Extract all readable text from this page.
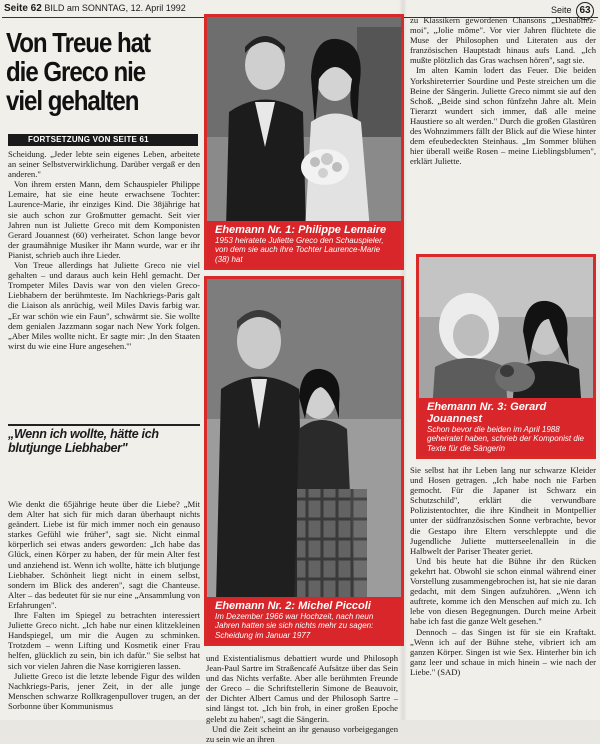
Seite 62 BILD am SONNTAG, 12. April 1992	Seite 63
Von Treue hat die Greco nie viel gehalten
FORTSETZUNG VON SEITE 61

Scheidung. „Jeder lebte sein eigenes Leben, arbeitete an seiner Selbstverwirklichung. Darüber vergaß er den anderen."

Von ihrem ersten Mann, dem Schauspieler Philippe Lemaire, hat sie eine heute erwachsene Tochter: Laurence-Marie, ihr einziges Kind. Die 38jährige hat sie auch schon zur Großmutter gemacht. Seit vier Jahren nun ist Juliette Greco mit dem Komponisten Gerard Jouannest (60) verheiratet. Schon lange bevor der graumähnige Musiker ihr Mann wurde, war er ihr Pianist, schrieb auch ihre Lieder.

Von Treue allerdings hat Juliette Greco nie viel gehalten – und daraus auch kein Hehl gemacht. Der Trompeter Miles Davis war von den vielen Greco-Liebhabern der berühmteste. Im Nachkriegs-Paris galt die Liaison als anrüchig, weil Miles Davis farbig war. „Er war schön wie ein Faun", schwärmt sie. Sie wollte dem genialen Jazzmann sogar nach New York folgen. „Aber Miles wollte nicht. Er sagte mir: ,In den Staaten wirst du wie eine Hure angesehen.'"

„Wenn ich wollte, hätte ich blutjunge Liebhaber"

Wie denkt die 65jährige heute über die Liebe? „Mit dem Alter hat sich für mich daran überhaupt nichts geändert. Liebe ist für mich immer noch ein genauso starkes Gefühl wie früher", sagt sie. Nicht einmal körperlich sei etwas anders geworden: „Ich habe das Glück, einen Körper zu haben, der für mein Alter fest und anziehend ist. Wenn ich wollte, hätte ich blutjunge Liebhaber. Schönheit liegt nicht in einem selbst, sondern im Blick des anderen", sagt die Chanteuse. Alter – das bedeutet für sie nur eine „Ansammlung von Erfahrungen".

Ihre Falten im Spiegel zu betrachten interessiert Juliette Greco nicht. „Ich habe nur einen klitzekleinen Handspiegel, um mir die Augen zu schminken. Trotzdem – wenn Lifting und Kosmetik einer Frau helfen, glücklich zu sein, bin ich dafür." Sie selbst hat sich vor vielen Jahren die Nase korrigieren lassen.

Juliette Greco ist die letzte lebende Figur des wilden Nachkriegs-Paris, jener Zeit, in der alle junge Menschen schwarze Rollkragenpullover trugen, an der Sorbonne über Kommunismus

und Existentialismus debattiert wurde und Philosoph Jean-Paul Sartre im Straßencafé Aufsätze über das Sein und das Nichts verfaßte. Aber alle berühmten Freunde der Greco – die Schriftstellerin Simone de Beauvoir, der Dichter Albert Camus und der Philosoph Sartre – sind längst tot. „Ich bin froh, in einer großen Epoche gelebt zu haben", sagt die Sängerin.

Und die Zeit scheint an ihr genauso vorbeigegangen zu sein wie an ihren

zu Klassikern gewordenen Chansons „Deshabilez-moi", „Jolie môme". Vor vier Jahren flüchtete die Muse der Philosophen und Literaten aus der französischen Hauptstadt hinaus aufs Land. „Ich mußte plötzlich das Gras wachsen hören", sagt sie.

Im alten Kamin lodert das Feuer. Die beiden Yorkshireterrier Sourdine und Peste streichen um die Beine der Sängerin. Juliette Greco nimmt sie auf den Schoß. „Beide sind schon fünfzehn Jahre alt. Mein Tierarzt wundert sich immer, daß alle meine Haustiere so alt werden." Durch die großen Glastüren des Wohnzimmers fällt der Blick auf die Wiese hinter dem efeubedeckten Steinhaus. „Im Sommer blühen hier überall weiße Rosen – meine Lieblingsblumen", erklärt Juliette.

Sie selbst hat ihr Leben lang nur schwarze Kleider und Hosen getragen. „Ich habe noch nie Farben gemocht. Für die Japaner ist Schwarz ein Schutzschild", erklärt die verwundbare Polizistentochter, die ihre Kindheit in Montpellier unter der südfranzösischen Sonne verbrachte, bevor die Gestapo ihre Eltern verschleppte und die Jugendliche Juliette mutterseelenallein in die Halbwelt der Pariser Theater geriet.

Und bis heute hat die Bühne ihr den Rücken gekehrt hat. Obwohl sie schon einmal während einer Vorstellung zusammengebrochen ist, hat sie nie daran gedacht, mit dem Singen aufzuhören. „Wenn ich auftrete, komme ich den Menschen auf mich zu. Ich lebe von diesen Begegnungen. Durch meine Arbeit habe ich fast die ganze Welt gesehen."

Dennoch – das Singen ist für sie ein Kraftakt. „Wenn ich auf der Bühne stehe, vibriert ich am ganzen Körper. Singen ist wie Sex. Hinterher bin ich ganz leer und schaue in mich hinein – wie nach der Liebe." (SAD)

Ehemann Nr. 1: Philippe Lemaire
1953 heiratete Juliette Greco den Schauspieler, von dem sie auch ihre Tochter Laurence-Marie (38) hat
Ehemann Nr. 2: Michel Piccoli
Im Dezember 1966 war Hochzeit, nach neun Jahren hatten sie sich nichts mehr zu sagen: Scheidung im Januar 1977
Ehemann Nr. 3: Gerard Jouannest
Schon bevor die beiden im April 1988 geheiratet haben, schrieb der Komponist die Texte für die Sängerin
